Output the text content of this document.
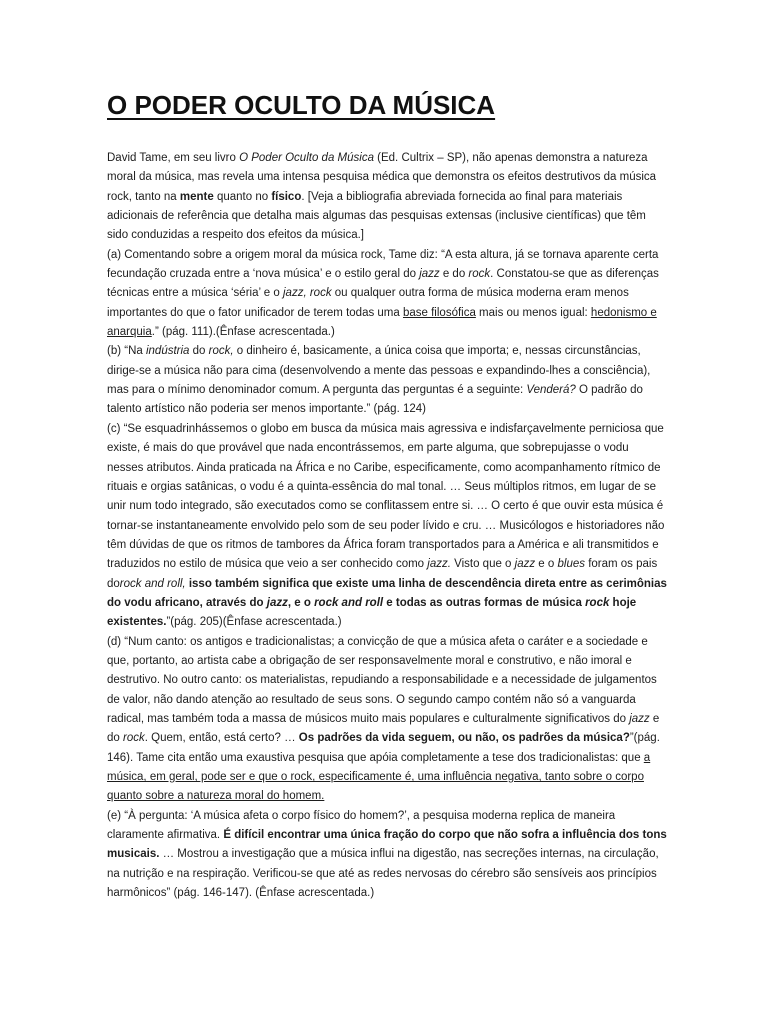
O PODER OCULTO DA MÚSICA

David Tame, em seu livro O Poder Oculto da Música (Ed. Cultrix – SP), não apenas demonstra a natureza moral da música, mas revela uma intensa pesquisa médica que demonstra os efeitos destrutivos da música rock, tanto na mente quanto no físico. [Veja a bibliografia abreviada fornecida ao final para materiais adicionais de referência que detalha mais algumas das pesquisas extensas (inclusive científicas) que têm sido conduzidas a respeito dos efeitos da música.]

(a) Comentando sobre a origem moral da música rock, Tame diz: “A esta altura, já se tornava aparente certa fecundação cruzada entre a ‘nova música’ e o estilo geral do jazz e do rock. Constatou-se que as diferenças técnicas entre a música ‘séria’ e o jazz, rock ou qualquer outra forma de música moderna eram menos importantes do que o fator unificador de terem todas uma base filosófica mais ou menos igual: hedonismo e anarquia.” (pág. 111).(Ênfase acrescentada.)

(b) “Na indústria do rock, o dinheiro é, basicamente, a única coisa que importa; e, nessas circunstâncias, dirige-se a música não para cima (desenvolvendo a mente das pessoas e expandindo-lhes a consciência), mas para o mínimo denominador comum. A pergunta das perguntas é a seguinte: Venderá? O padrão do talento artístico não poderia ser menos importante.” (pág. 124)

(c) “Se esquadrinhássemos o globo em busca da música mais agressiva e indisfarçavelmente perniciosa que existe, é mais do que provável que nada encontrássemos, em parte alguma, que sobrepujasse o vodu nesses atributos. Ainda praticada na África e no Caribe, especificamente, como acompanhamento rítmico de rituais e orgias satânicas, o vodu é a quinta-essência do mal tonal. … Seus múltiplos ritmos, em lugar de se unir num todo integrado, são executados como se conflitassem entre si. … O certo é que ouvir esta música é tornar-se instantaneamente envolvido pelo som de seu poder lívido e cru. … Musicólogos e historiadores não têm dúvidas de que os ritmos de tambores da África foram transportados para a América e ali transmitidos e traduzidos no estilo de música que veio a ser conhecido como jazz. Visto que o jazz e o blues foram os pais dorock and roll, isso também significa que existe uma linha de descendência direta entre as cerimônias do vodu africano, através do jazz, e o rock and roll e todas as outras formas de música rock hoje existentes.”(pág. 205)(Ênfase acrescentada.)

(d) “Num canto: os antigos e tradicionalistas; a convicção de que a música afeta o caráter e a sociedade e que, portanto, ao artista cabe a obrigação de ser responsavelmente moral e construtivo, e não imoral e destrutivo. No outro canto: os materialistas, repudiando a responsabilidade e a necessidade de julgamentos de valor, não dando atenção ao resultado de seus sons. O segundo campo contém não só a vanguarda radical, mas também toda a massa de músicos muito mais populares e culturalmente significativos do jazz e do rock. Quem, então, está certo? … Os padrões da vida seguem, ou não, os padrões da música?”(pág. 146). Tame cita então uma exaustiva pesquisa que apóia completamente a tese dos tradicionalistas: que a música, em geral, pode ser e que o rock, especificamente é, uma influência negativa, tanto sobre o corpo quanto sobre a natureza moral do homem.

(e) “À pergunta: ‘A música afeta o corpo físico do homem?’, a pesquisa moderna replica de maneira claramente afirmativa. É difícil encontrar uma única fração do corpo que não sofra a influência dos tons musicais. … Mostrou a investigação que a música influi na digestão, nas secreções internas, na circulação, na nutrição e na respiração. Verificou-se que até as redes nervosas do cérebro são sensíveis aos princípios harmônicos” (pág. 146-147). (Ênfase acrescentada.)
